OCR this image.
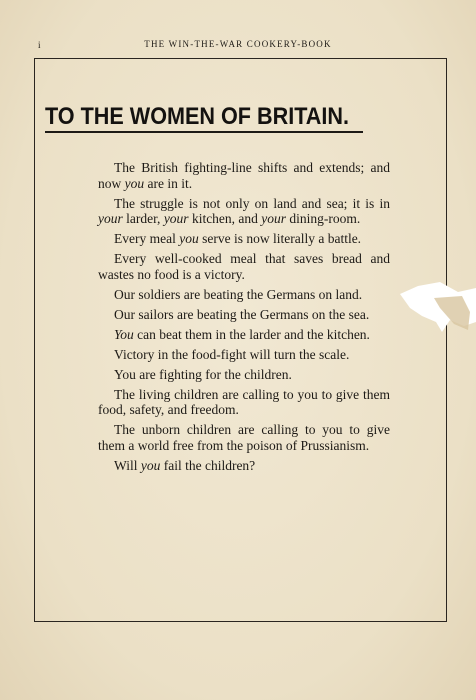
i	THE WIN-THE-WAR COOKERY-BOOK
TO THE WOMEN OF BRITAIN.

The British fighting-line shifts and extends; and now you are in it.

The struggle is not only on land and sea; it is in your larder, your kitchen, and your dining-room.

Every meal you serve is now literally a battle.

Every well-cooked meal that saves bread and wastes no food is a victory.

Our soldiers are beating the Germans on land.

Our sailors are beating the Germans on the sea.

You can beat them in the larder and the kitchen.

Victory in the food-fight will turn the scale.

You are fighting for the children.

The living children are calling to you to give them food, safety, and freedom.

The unborn children are calling to you to give them a world free from the poison of Prussianism.

Will you fail the children?
